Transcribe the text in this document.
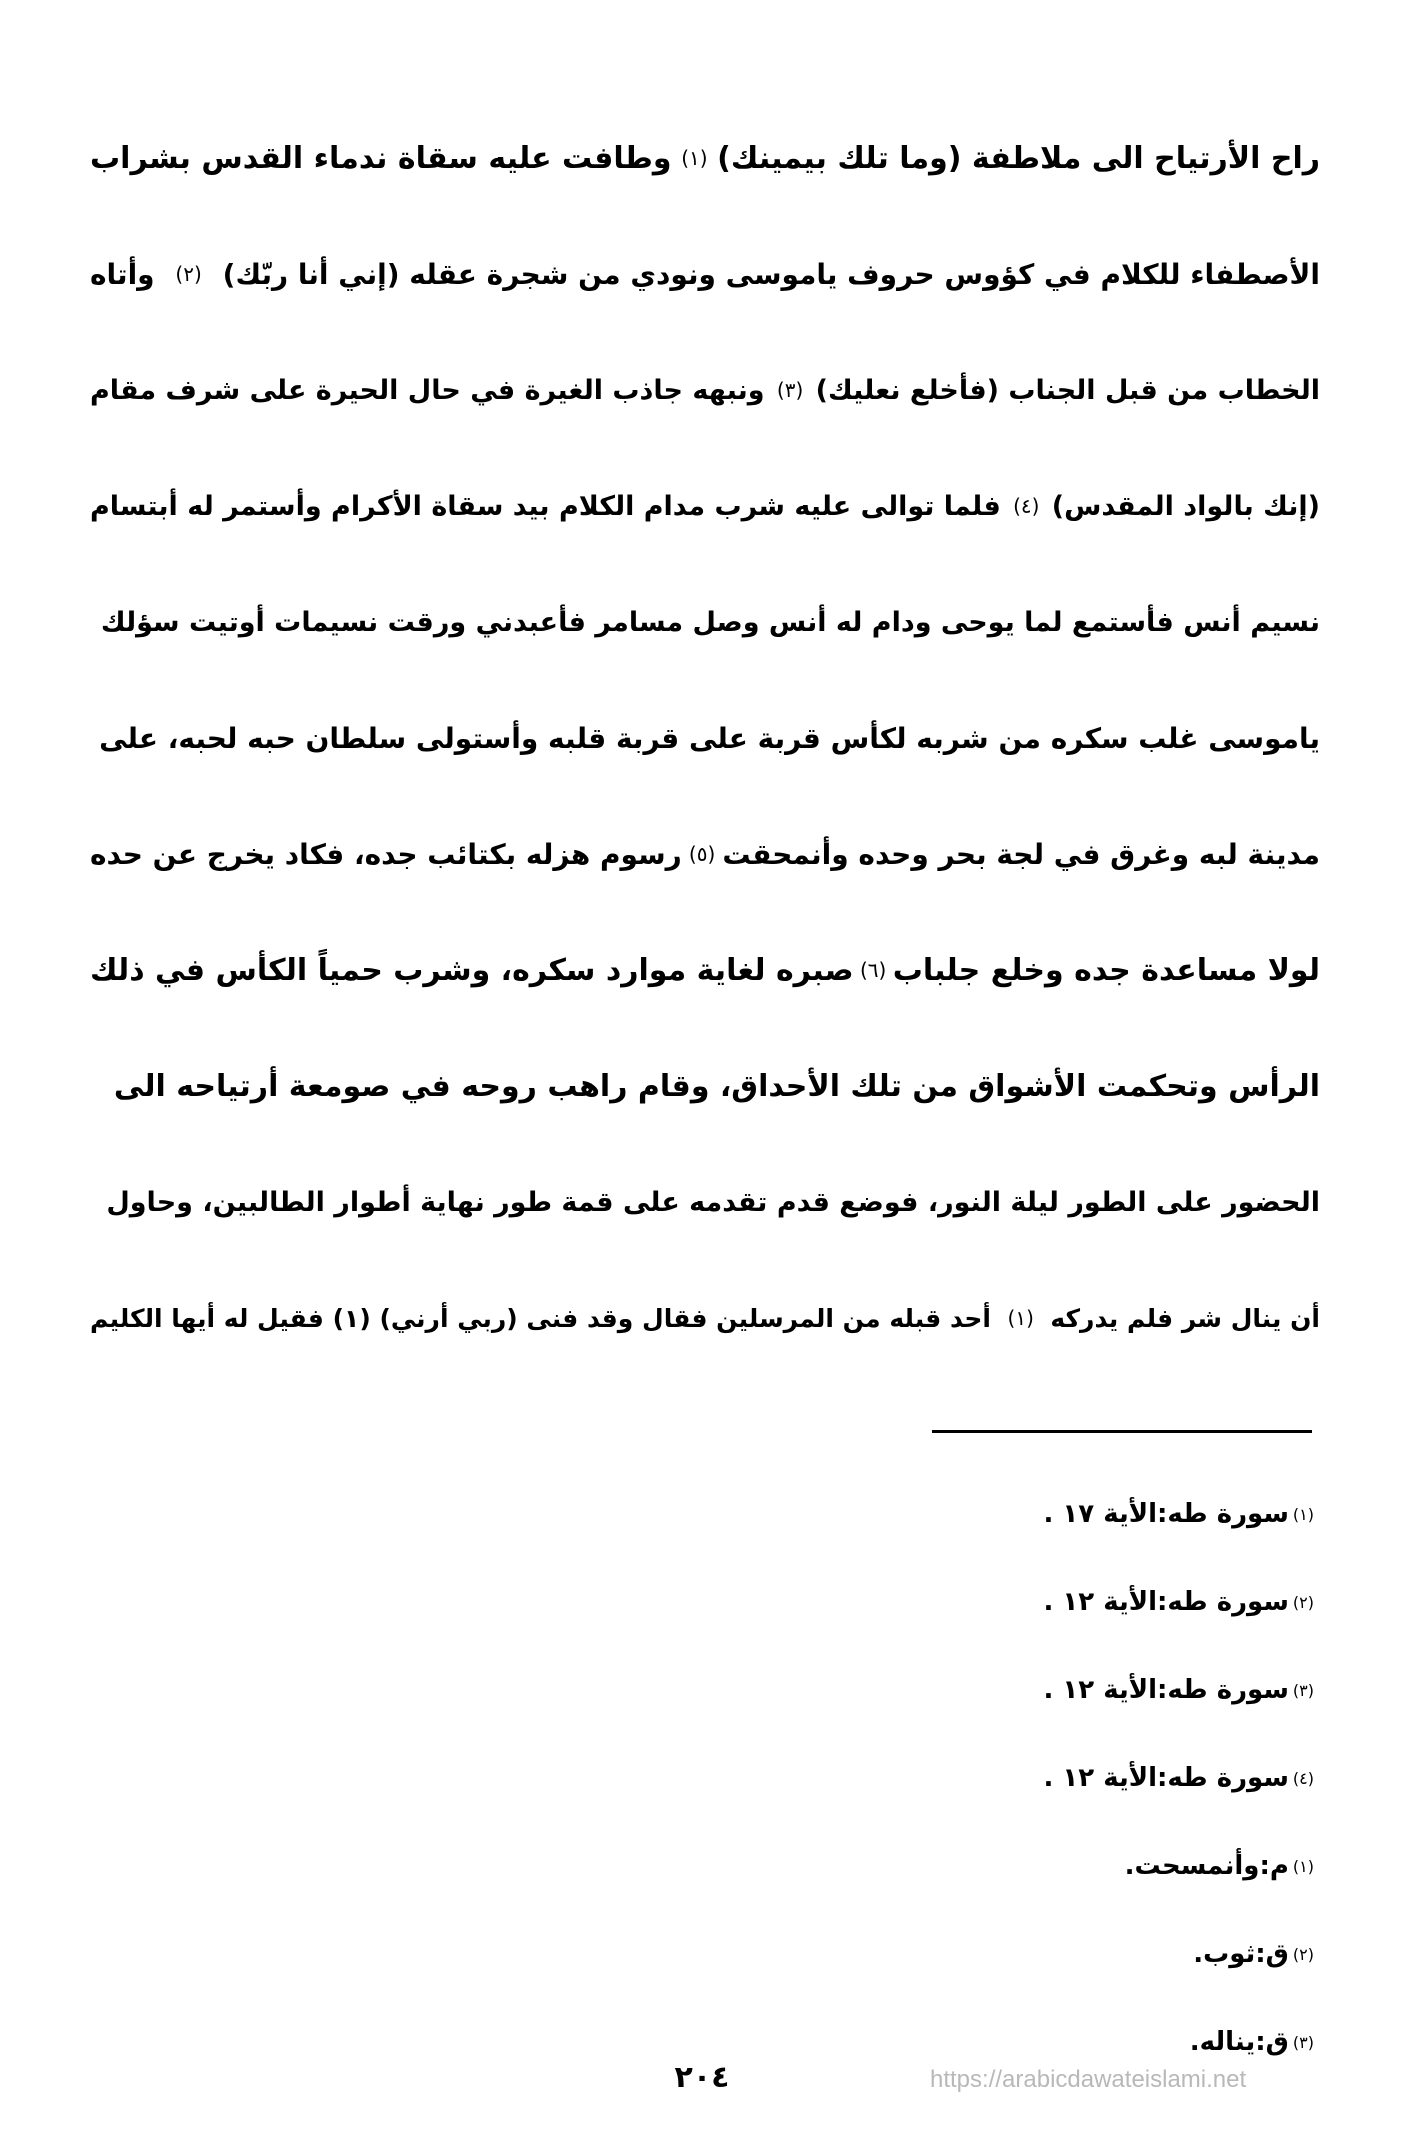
راح الأرتياح الى ملاطفة (وما تلك بيمينك)
(١)
وطافت عليه سقاة ندماء القدس بشراب
الأصطفاء للكلام في كؤوس حروف ياموسى ونودي من شجرة عقله (إني أنا ربّك)
(٢)
وأتاه
الخطاب من قبل الجناب (فأخلع نعليك)
(٣)
ونبهه جاذب الغيرة في حال الحيرة على شرف مقام
(إنك بالواد المقدس)
(٤)
فلما توالى عليه شرب مدام الكلام بيد سقاة الأكرام وأستمر له أبتسام
نسيم أنس فأستمع لما يوحى ودام له أنس وصل مسامر فأعبدني ورقت نسيمات أوتيت سؤلك
ياموسى غلب سكره من شربه لكأس قربة على قربة قلبه وأستولى سلطان حبه لحبه، على
مدينة لبه وغرق في لجة بحر وحده وأنمحقت
(٥)
رسوم هزله بكتائب جده، فكاد يخرج عن حده
لولا مساعدة جده وخلع جلباب
(٦)
صبره لغاية موارد سكره، وشرب حمياً الكأس في ذلك
الرأس وتحكمت الأشواق من تلك الأحداق، وقام راهب روحه في صومعة أرتياحه الى
الحضور على الطور ليلة النور، فوضع قدم تقدمه على قمة طور نهاية أطوار الطالبين، وحاول
أن ينال شر فلم يدركه
(١)
أحد قبله من المرسلين فقال وقد فنى (ربي أرني) (١) فقيل له أيها الكليم
(١)
سورة طه:الأية ١٧ .
(٢)
سورة طه:الأية ١٢ .
(٣)
سورة طه:الأية ١٢ .
(٤)
سورة طه:الأية ١٢ .
(١)
م:وأنمسحت.
(٢)
ق:ثوب.
(٣)
ق:يناله.
٢٠٤	https://arabicdawateislami.net
